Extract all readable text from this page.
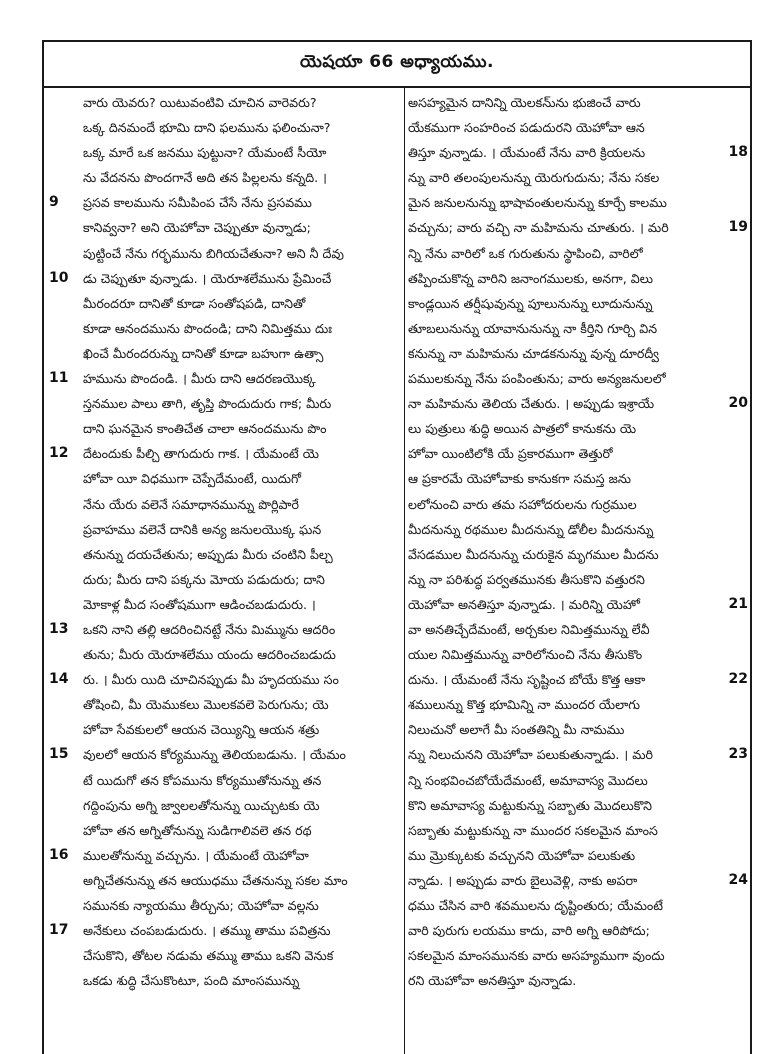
యెషయా 66 అధ్యాయము.
వారు యెవరు? యిటువంటివి చూచిన వారెవరు?
ఒక్క దినమందే భూమి దాని ఫలమును ఫలించునా?
ఒక్క మారే ఒక జనము పుట్టునా? యేమంటే సీయో
ను వేదనను పొందగానే అది తన పిల్లలను కన్నది. ।
9 ప్రసవ కాలమును సమీపింప చేసే నేను ప్రసవము
కానివ్వనా? అని యెహోవా చెప్పుతూ వున్నాడు;
పుట్టించే నేను గర్భమును బిగియచేతునా? అని నీ దేవు
10 డు చెప్పుతూ వున్నాడు. । యెరూశలేమును ప్రేమించే
మీరందరూ దానితో కూడా సంతోషపడి, దానితో
కూడా ఆనందమును పొందండి; దాని నిమిత్తము దుః
ఖించే మీరందరున్ను దానితో కూడా బహుగా ఉత్సా
11 హమును పొందండి. । మీరు దాని ఆదరణయొక్క
స్తనముల పాలు తాగి, తృప్తి పొందుదురు గాక; మీరు
దాని ఘనమైన కాంతిచేత చాలా ఆనందమును పొం
12 దేటందుకు పీల్చి తాగుదురు గాక. । యేమంటే యె
హోవా యీ విధముగా చెప్పేదేమంటే, యిదుగో
నేను యేరు వలెనే సమాధానమున్ను పొర్లిపారే
ప్రవాహము వలెనే దానికి అన్య జనులయొక్క ఘన
తనున్ను దయచేతును; అప్పుడు మీరు చంటిని పీల్చ
దురు; మీరు దాని పక్కను మోయ పడుదురు; దాని
మోకాళ్ల మీద సంతోషముగా ఆడించబడుదురు. ।
13 ఒకని నాని తల్లి ఆదరించినట్టే నేను మిమ్మును ఆదరిం
తును; మీరు యెరూశలేము యందు ఆదరించబడుదు
14 రు. । మీరు యిది చూచినప్పుడు మీ హృదయము సం
తోషించి, మీ యెముకలు మొలకవలె పెరుగును; యె
హోవా సేవకులలో ఆయన చెయ్యిన్ని ఆయన శత్రు
15 వులలో ఆయన కోర్యమున్ను తెలియబడును. । యేమం
టే యిదుగో తన కోపమును కోర్యముతోనున్ను తన
గద్దింపును అగ్ని జ్వాలలతోనున్ను యిచ్చుటకు యె
హోవా తన అగ్నితోనున్ను సుడిగాలివలె తన రథ
16 ములతోనున్ను వచ్చును. । యేమంటే యెహోవా
అగ్నిచేతనున్ను తన ఆయుధము చేతనున్ను సకల మాం
సమునకు న్యాయము తీర్చును; యెహోవా వల్లను
17 అనేకులు చంపబడుదురు. । తమ్ము తాము పవిత్రను
చేసుకొని, తోటల నడుమ తమ్ము తాము ఒకని వెనుక
ఒకడు శుద్ధి చేసుకొంటూ, పంది మాంసమున్ను
అసహ్యమైన దానిన్ని యెలకను్ను భుజించే వారు
యేకముగా సంహరించ పడుదురని యెహోవా ఆన
18
తిస్తూ వున్నాడు. । యేమంటే నేను వారి క్రియలను
న్ను వారి తలంపులనున్ను యెరుగుదును; నేను సకల
మైన జనులనున్ను భాషావంతులనున్ను కూర్చే కాలము
19
వచ్చును; వారు వచ్చి నా మహిమను చూతురు. । మరి
న్ని నేను వారిలో ఒక గురుతును స్థాపించి, వారిలో
తప్పించుకొన్న వారిని జనాంగములకు, అనగా, విలు
కాండ్లయిన తర్షీషువున్ను పూలునున్ను లూదునున్ను
తూబలునున్ను యావానునున్ను నా కీర్తిని గూర్చి విన
కనున్ను నా మహిమను చూడకనున్ను వున్న దూరద్వీ
పములకున్ను నేను పంపింతును; వారు అన్యజనులలో
20
నా మహిమను తెలియ చేతురు. । అప్పుడు ఇశ్రాయే
లు పుత్రులు శుద్ధి అయిన పాత్రలో కానుకను యె
హోవా యింటిలోకి యే ప్రకారముగా తెత్తురో
ఆ ప్రకారమే యెహోవాకు కానుకగా సమస్త జను
లలోనుంచి వారు తమ సహోదరులను గుర్రముల
మీదనున్ను రథముల మీదనున్ను డోలీల మీదనున్ను
వేసడముల మీదనున్ను చురుకైన మృగముల మీదను
న్ను నా పరిశుద్ధ పర్వతమునకు తీసుకొని వత్తురని
21
యెహోవా అనతిస్తూ వున్నాడు. । మరిన్ని యెహో
వా అనతిచ్చేదేమంటే, అర్చకుల నిమిత్తమున్ను లేవీ
యుల నిమిత్తమున్ను వారిలోనుంచి నేను తీసుకొం
22
దును. । యేమంటే నేను సృష్టించ బోయే కొత్త ఆకా
శములున్ను కొత్త భూమిన్ని నా ముందర యేలాగు
నిలుచునో అలాగే మీ సంతతిన్ని మీ నామము
23
న్ను నిలుచునని యెహోవా పలుకుతున్నాడు. । మరి
న్ని సంభవించబోయేదేమంటే, అమావాస్య మొదలు
కొని అమావాస్య మట్టుకున్ను సబ్బాతు మొదలుకొని
సబ్బాతు మట్టుకున్ను నా ముందర సకలమైన మాంస
ము మ్రొక్కుటకు వచ్చునని యెహోవా పలుకుతు
24
న్నాడు. । అప్పుడు వారు బైలువెళ్లి, నాకు అపరా
ధము చేసిన వారి శవములను దృష్టింతురు; యేమంటే
వారి పురుగు లయము కాదు, వారి అగ్ని ఆరిపోదు;
సకలమైన మాంసమునకు వారు అసహ్యముగా వుందు
రని యెహోవా అనతిస్తూ వున్నాడు.
